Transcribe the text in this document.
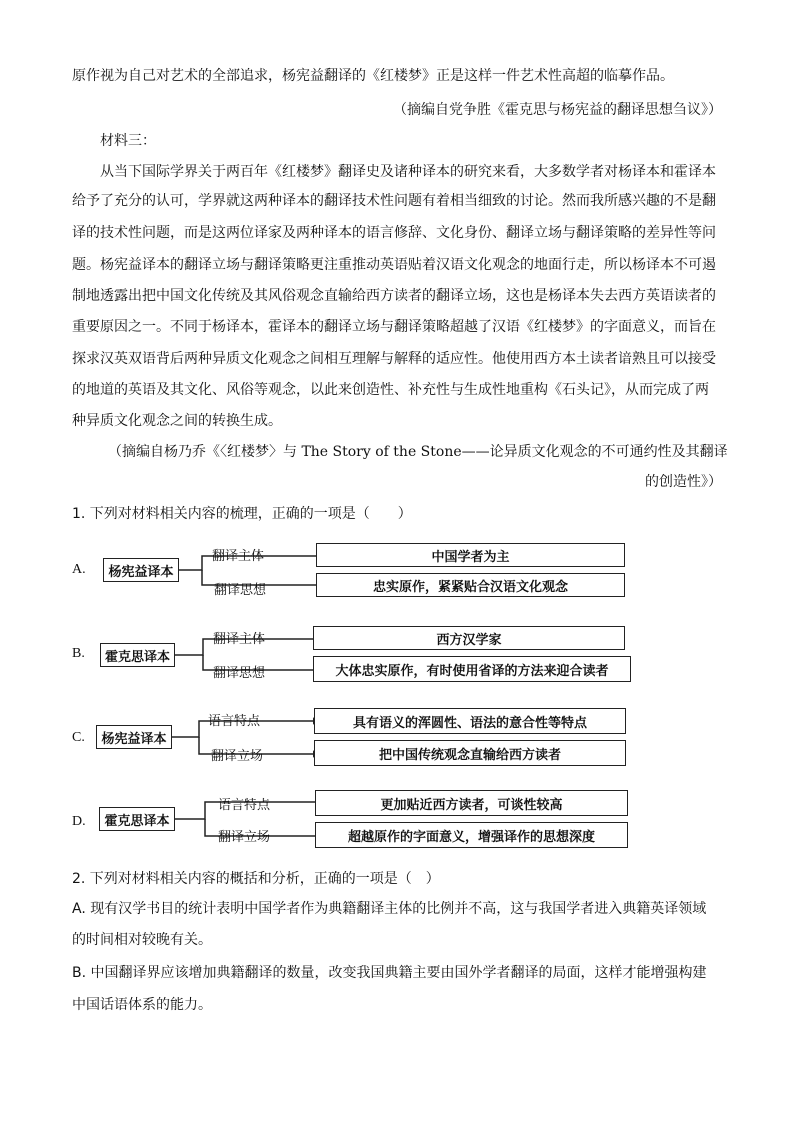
原作视为自己对艺术的全部追求，杨宪益翻译的《红楼梦》正是这样一件艺术性高超的临摹作品。
（摘编自党争胜《霍克思与杨宪益的翻译思想刍议》）
材料三：
从当下国际学界关于两百年《红楼梦》翻译史及诸种译本的研究来看，大多数学者对杨译本和霍译本
给予了充分的认可，学界就这两种译本的翻译技术性问题有着相当细致的讨论。然而我所感兴趣的不是翻
译的技术性问题，而是这两位译家及两种译本的语言修辞、文化身份、翻译立场与翻译策略的差异性等问
题。杨宪益译本的翻译立场与翻译策略更注重推动英语贴着汉语文化观念的地面行走，所以杨译本不可遏
制地透露出把中国文化传统及其风俗观念直输给西方读者的翻译立场，这也是杨译本失去西方英语读者的
重要原因之一。不同于杨译本，霍译本的翻译立场与翻译策略超越了汉语《红楼梦》的字面意义，而旨在
探求汉英双语背后两种异质文化观念之间相互理解与解释的适应性。他使用西方本土读者谙熟且可以接受
的地道的英语及其文化、风俗等观念，以此来创造性、补充性与生成性地重构《石头记》，从而完成了两
种异质文化观念之间的转换生成。
（摘编自杨乃乔《〈红楼梦〉与 The Story of the Stone——论异质文化观念的不可通约性及其翻译
的创造性》）
1. 下列对材料相关内容的梳理，正确的一项是（　　）
A.	杨宪益译本
翻译主体
翻译思想
中国学者为主
忠实原作，紧紧贴合汉语文化观念
B.	霍克思译本
翻译主体
翻译思想
西方汉学家
大体忠实原作，有时使用省译的方法来迎合读者
C.	杨宪益译本
语言特点
翻译立场
具有语义的浑圆性、语法的意合性等特点
把中国传统观念直输给西方读者
D.	霍克思译本
语言特点
翻译立场
更加贴近西方读者，可谈性较高
超越原作的字面意义，增强译作的思想深度
2. 下列对材料相关内容的概括和分析，正确的一项是（　）
A. 现有汉学书目的统计表明中国学者作为典籍翻译主体的比例并不高，这与我国学者进入典籍英译领域
的时间相对较晚有关。
B. 中国翻译界应该增加典籍翻译的数量，改变我国典籍主要由国外学者翻译的局面，这样才能增强构建
中国话语体系的能力。
